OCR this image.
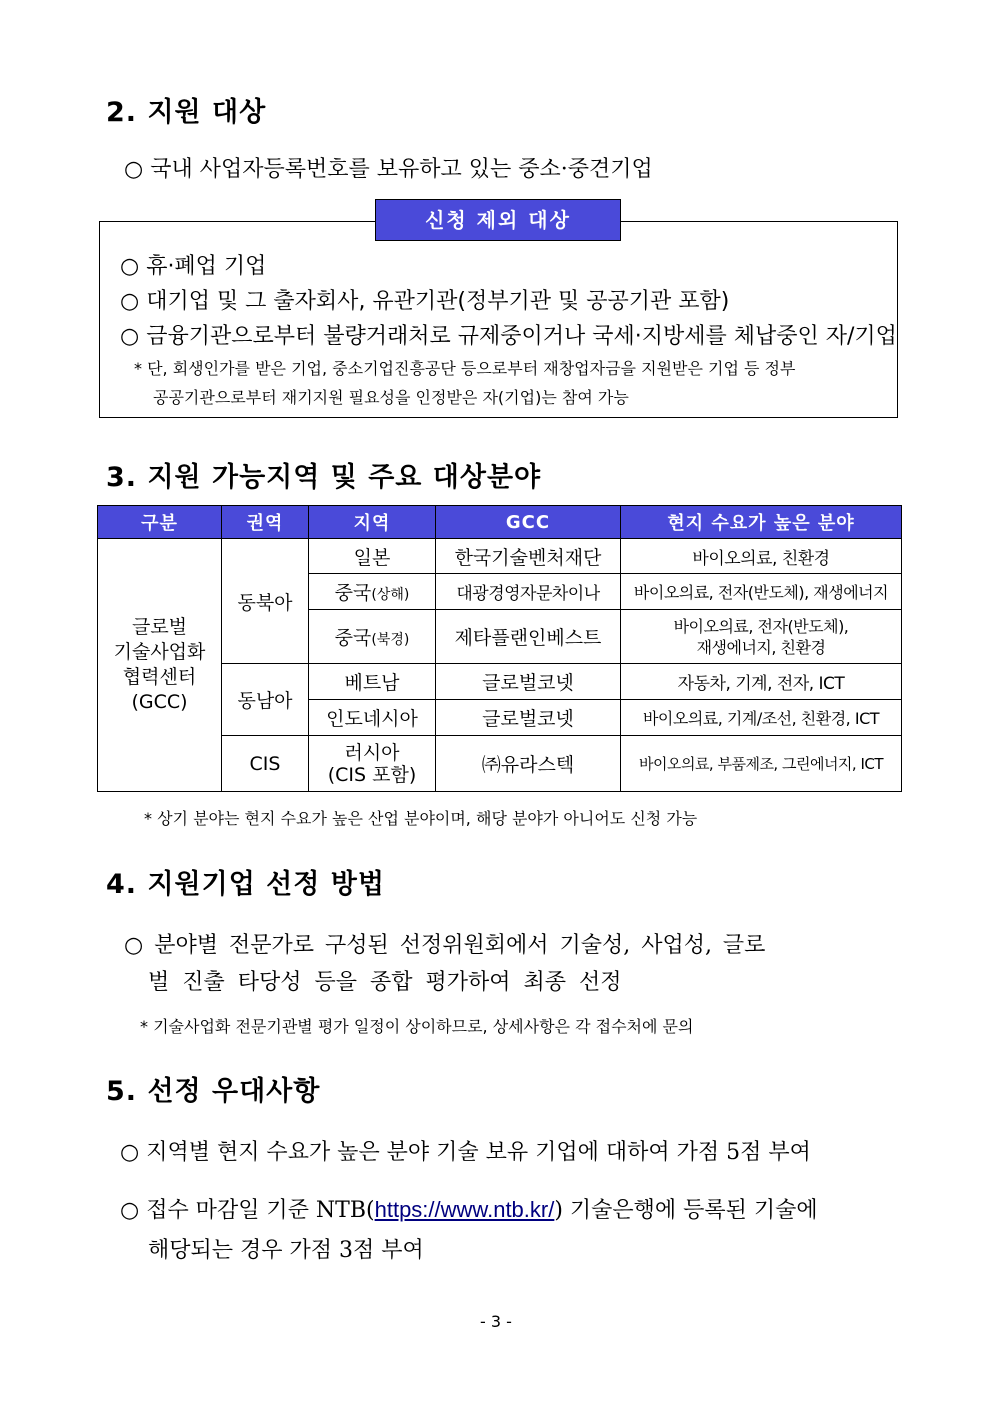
2. 지원 대상
○ 국내 사업자등록번호를 보유하고 있는 중소·중견기업
신청 제외 대상
○ 휴·폐업 기업
○ 대기업 및 그 출자회사, 유관기관(정부기관 및 공공기관 포함)
○ 금융기관으로부터 불량거래처로 규제중이거나 국세·지방세를 체납중인 자/기업
* 단, 회생인가를 받은 기업, 중소기업진흥공단 등으로부터 재창업자금을 지원받은 기업 등 정부
공공기관으로부터 재기지원 필요성을 인정받은 자(기업)는 참여 가능
3. 지원 가능지역 및 주요 대상분야
구분	권역	지역	GCC	현지 수요가 높은 분야

글로벌
기술사업화
협력센터
(GCC)	동북아	일본	한국기술벤처재단	바이오의료, 친환경
		중국(상해)	대광경영자문차이나	바이오의료, 전자(반도체), 재생에너지
		중국(북경)	제타플랜인베스트	바이오의료, 전자(반도체),
재생에너지, 친환경

	동남아	베트남	글로벌코넷	자동차, 기계, 전자, ICT
		인도네시아	글로벌코넷	바이오의료, 기계/조선, 친환경, ICT
	CIS	러시아
(CIS 포함)	㈜유라스텍	바이오의료, 부품제조, 그린에너지, ICT
* 상기 분야는 현지 수요가 높은 산업 분야이며, 해당 분야가 아니어도 신청 가능
4. 지원기업 선정 방법
○ 분야별 전문가로 구성된 선정위원회에서 기술성, 사업성, 글로
벌 진출 타당성 등을 종합 평가하여 최종 선정
* 기술사업화 전문기관별 평가 일정이 상이하므로, 상세사항은 각 접수처에 문의
5. 선정 우대사항
○ 지역별 현지 수요가 높은 분야 기술 보유 기업에 대하여 가점 5점 부여
○ 접수 마감일 기준 NTB(https://www.ntb.kr/) 기술은행에 등록된 기술에
해당되는 경우 가점 3점 부여
- 3 -
